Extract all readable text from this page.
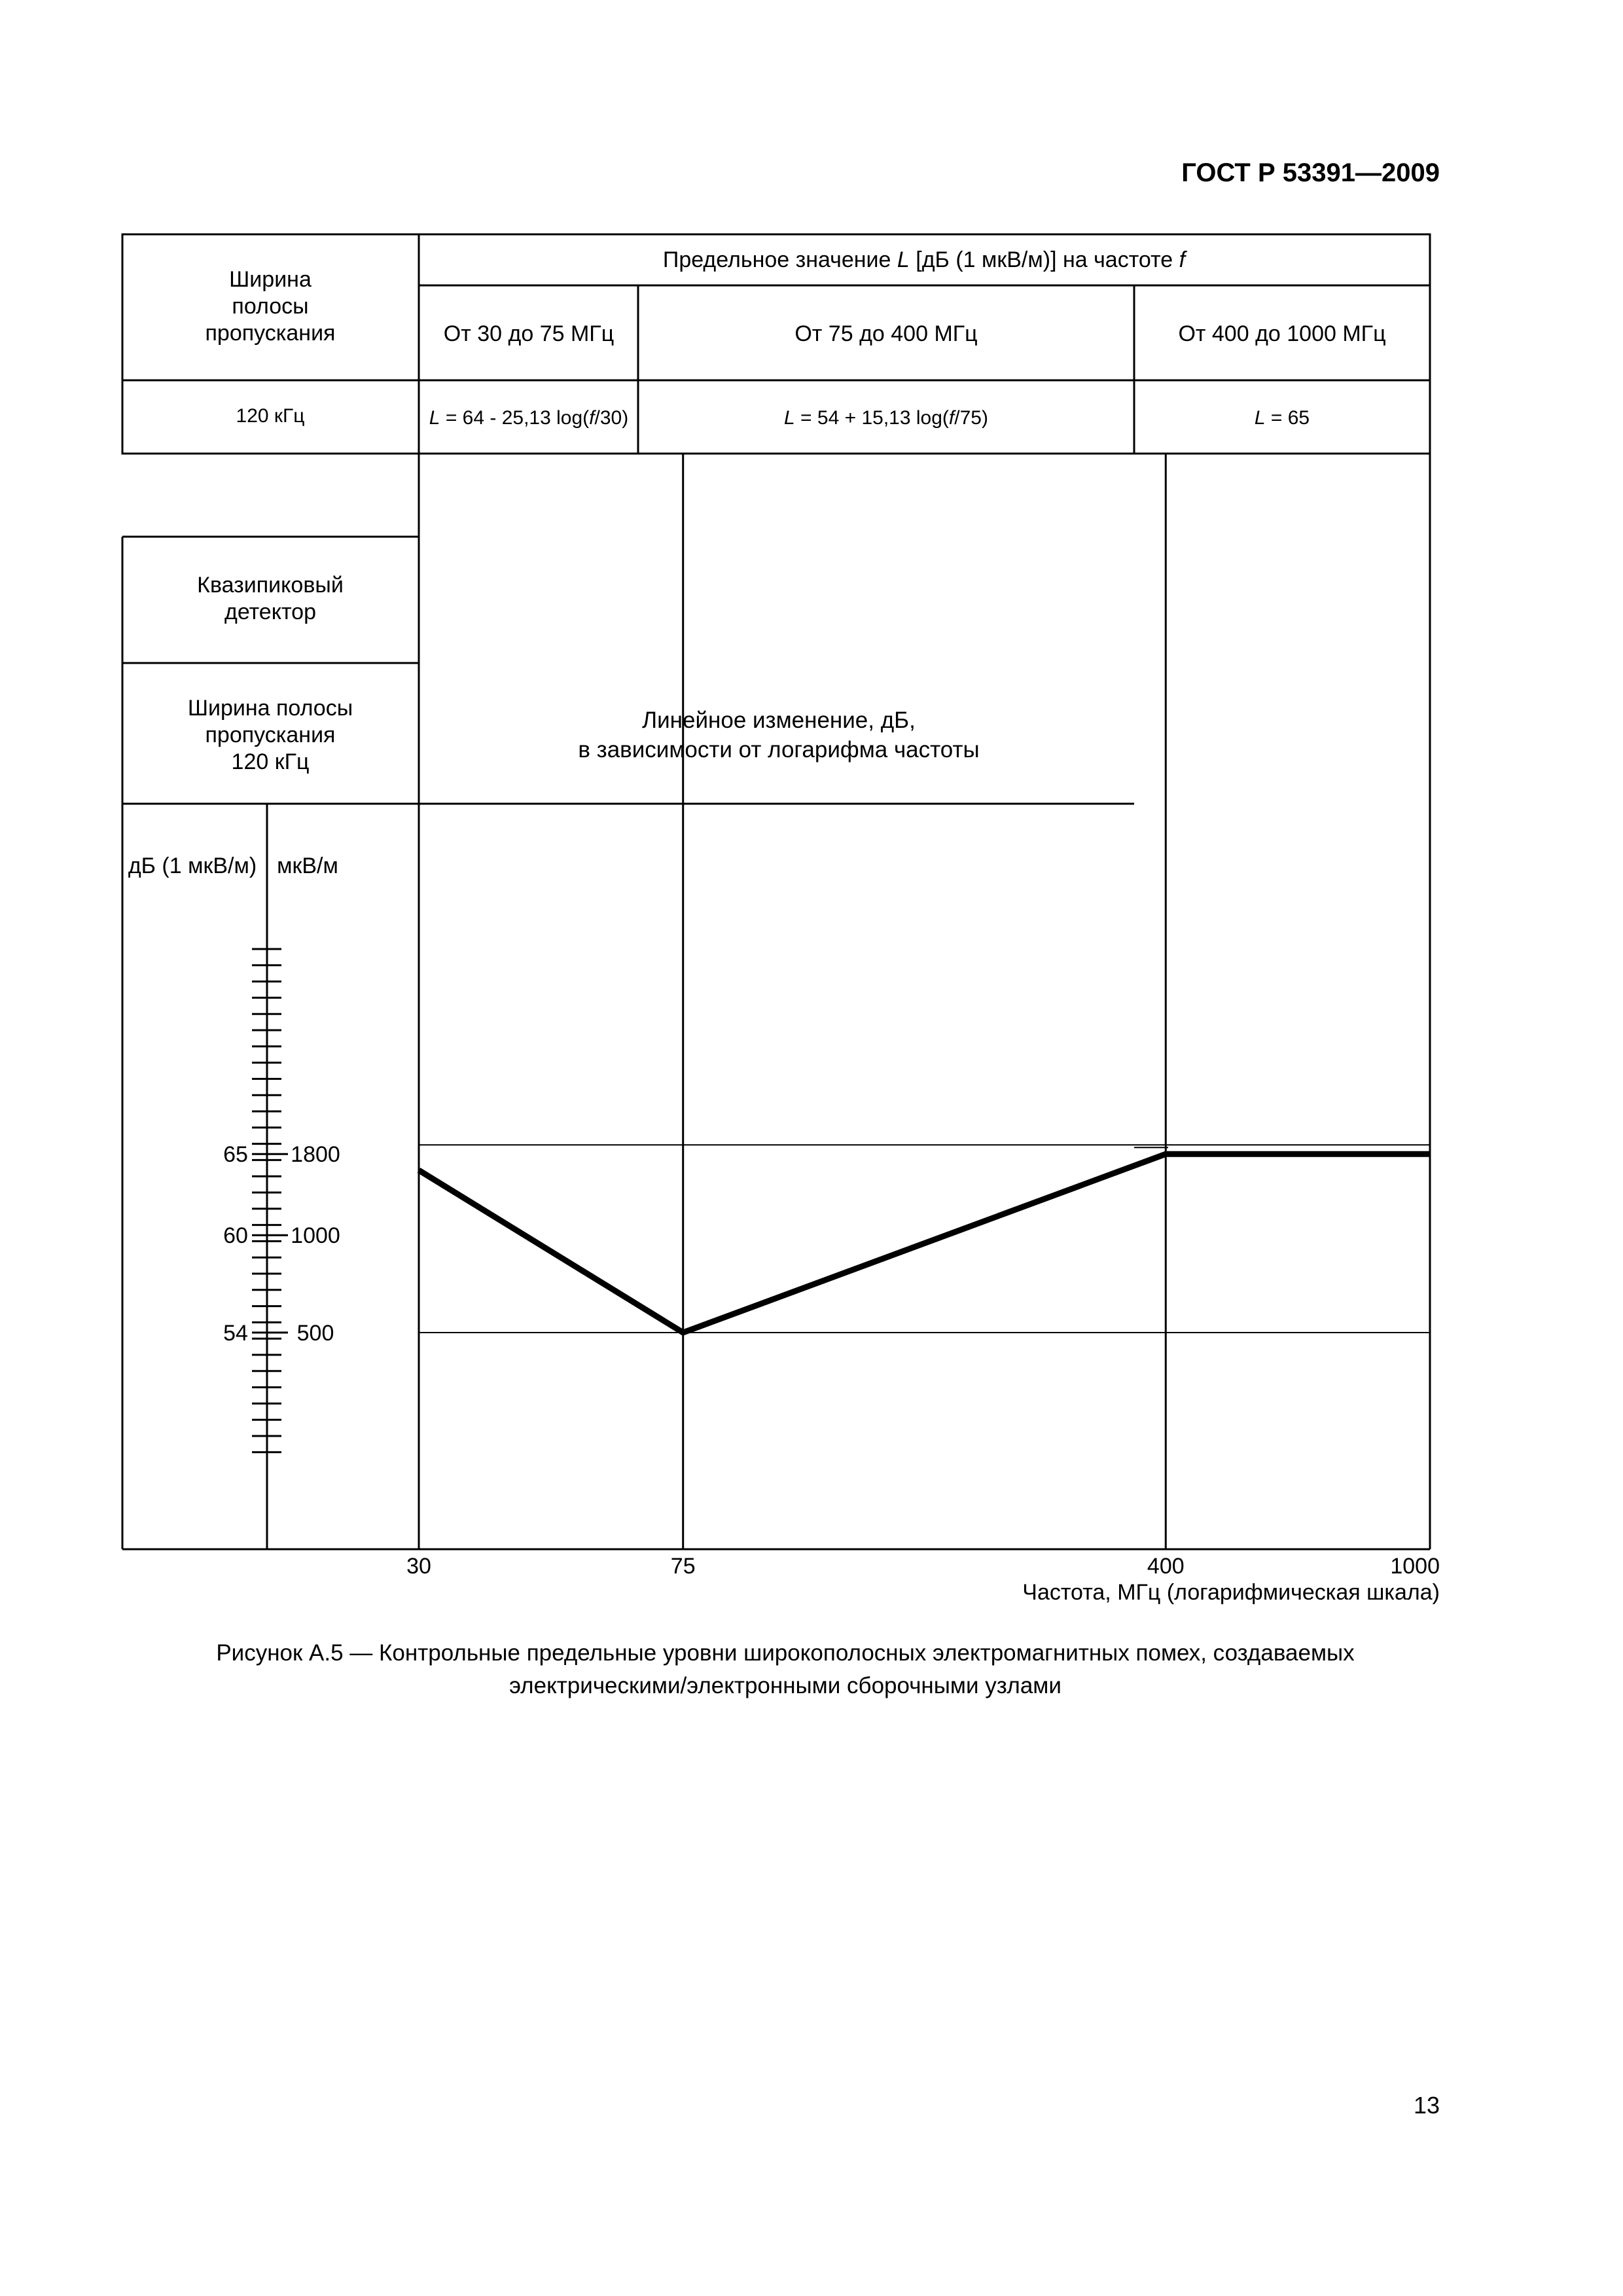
ГОСТ Р 53391—2009
Ширина
полосы
пропускания
Предельное значение L [дБ (1 мкВ/м)] на частоте f
От 30 до 75 МГц	От 75 до 400 МГц	От 400 до 1000 МГц
120 кГц	L = 64 - 25,13 log(f/30)	L = 54 + 15,13 log(f/75)	L = 65
Квазипиковый
детектор
Ширина полосы
пропускания
120 кГц
дБ (1 мкВ/м) мкВ/м
Линейное изменение, дБ,
в зависимости от логарифма частоты
54 500
60 1000
65 1800
30	75	400	1000
Частота, МГц (логарифмическая шкала)
Рисунок А.5 — Контрольные предельные уровни широкополосных электромагнитных помех, создаваемых электрическими/электронными сборочными узлами
13
